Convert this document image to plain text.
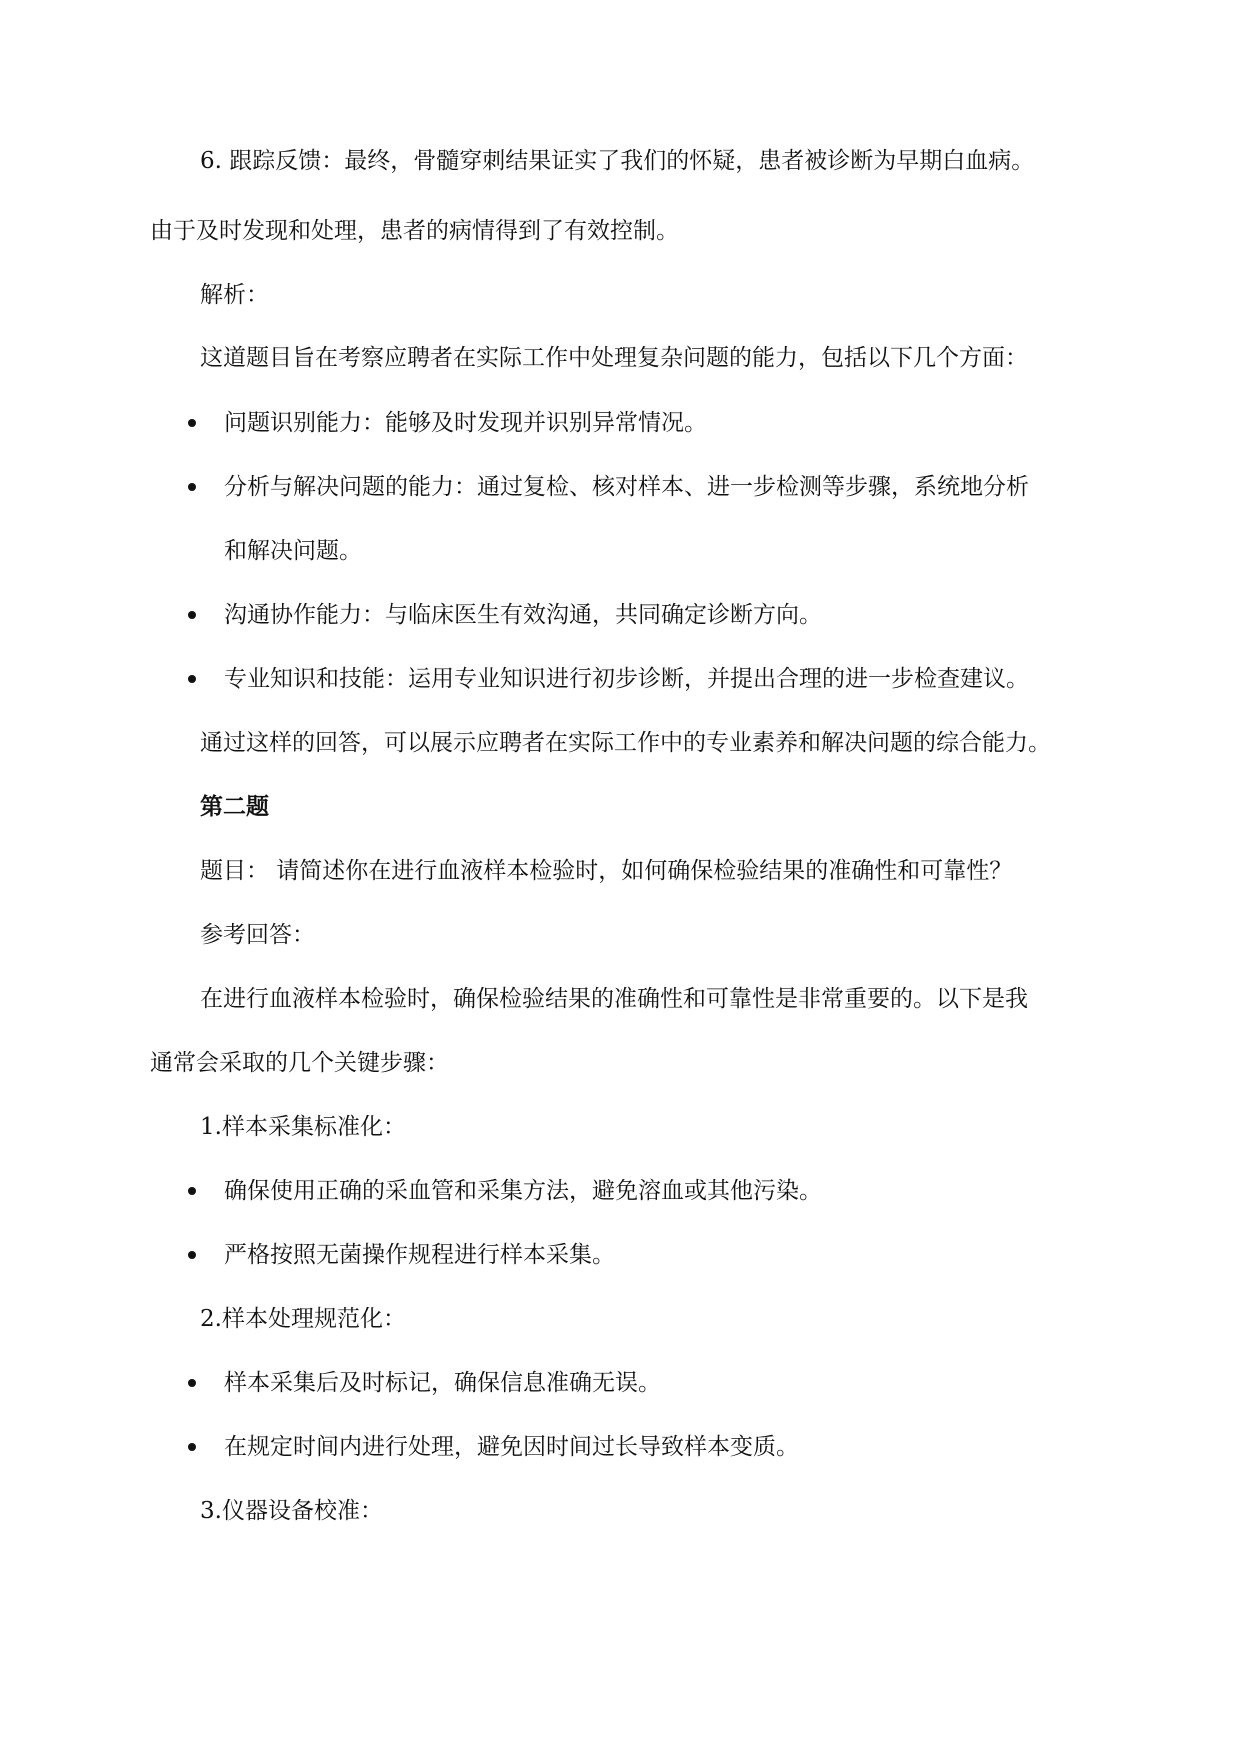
6. 跟踪反馈：最终，骨髓穿刺结果证实了我们的怀疑，患者被诊断为早期白血病。
由于及时发现和处理，患者的病情得到了有效控制。
解析：
这道题目旨在考察应聘者在实际工作中处理复杂问题的能力，包括以下几个方面：
问题识别能力：能够及时发现并识别异常情况。
分析与解决问题的能力：通过复检、核对样本、进一步检测等步骤，系统地分析
和解决问题。
沟通协作能力：与临床医生有效沟通，共同确定诊断方向。
专业知识和技能：运用专业知识进行初步诊断，并提出合理的进一步检查建议。
通过这样的回答，可以展示应聘者在实际工作中的专业素养和解决问题的综合能力。
第二题
题目： 请简述你在进行血液样本检验时，如何确保检验结果的准确性和可靠性？
参考回答：
在进行血液样本检验时，确保检验结果的准确性和可靠性是非常重要的。以下是我
通常会采取的几个关键步骤：
1.样本采集标准化：
确保使用正确的采血管和采集方法，避免溶血或其他污染。
严格按照无菌操作规程进行样本采集。
2.样本处理规范化：
样本采集后及时标记，确保信息准确无误。
在规定时间内进行处理，避免因时间过长导致样本变质。
3.仪器设备校准：
